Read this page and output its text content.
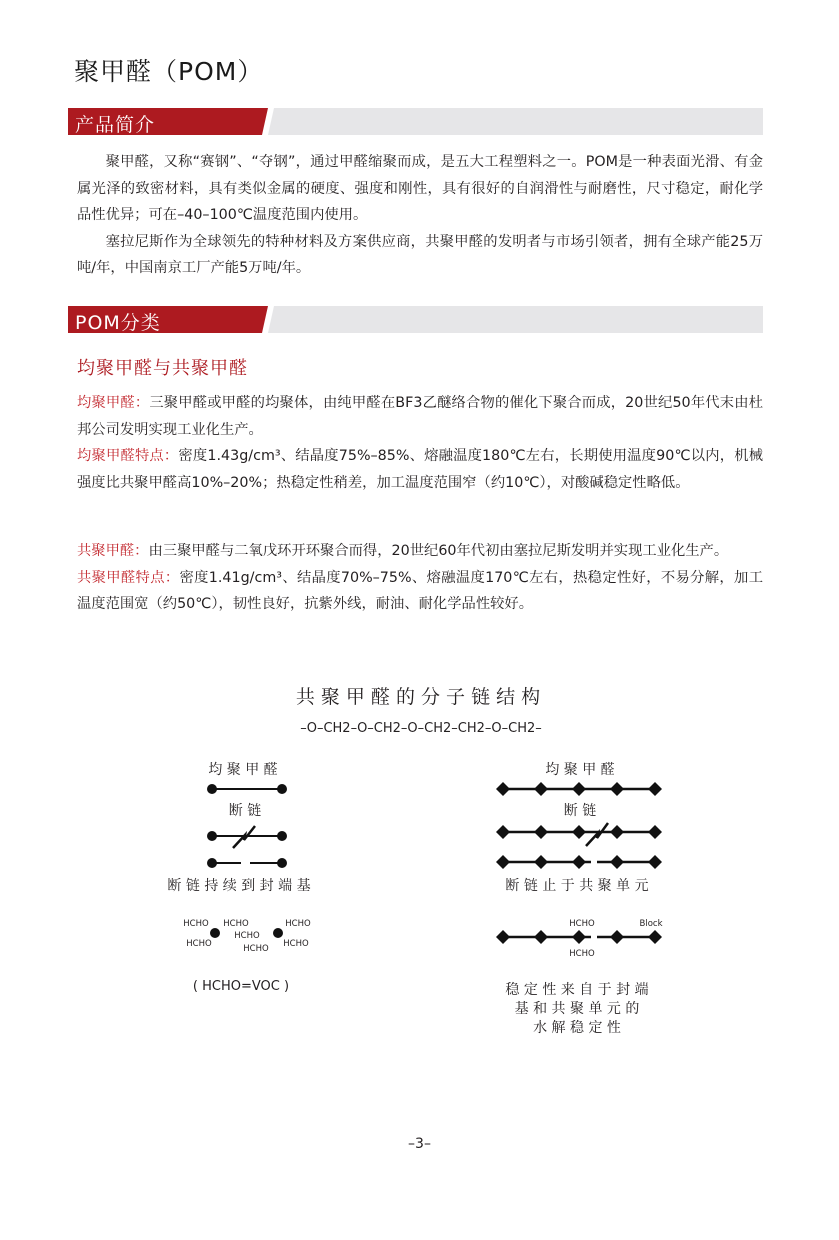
聚甲醛（POM）
产品简介

聚甲醛，又称“赛钢”、“夺钢”，通过甲醛缩聚而成，是五大工程塑料之一。POM是一种表面光滑、有金属光泽的致密材料，具有类似金属的硬度、强度和刚性，具有很好的自润滑性与耐磨性，尺寸稳定，耐化学品性优异；可在–40–100℃温度范围内使用。

塞拉尼斯作为全球领先的特种材料及方案供应商，共聚甲醛的发明者与市场引领者，拥有全球产能25万吨/年，中国南京工厂产能5万吨/年。

POM分类
均聚甲醛与共聚甲醛

均聚甲醛：三聚甲醛或甲醛的均聚体，由纯甲醛在BF3乙醚络合物的催化下聚合而成，20世纪50年代末由杜邦公司发明实现工业化生产。

均聚甲醛特点：密度1.43g/cm³、结晶度75%–85%、熔融温度180℃左右，长期使用温度90℃以内，机械强度比共聚甲醛高10%–20%；热稳定性稍差，加工温度范围窄（约10℃），对酸碱稳定性略低。

共聚甲醛：由三聚甲醛与二氧戊环开环聚合而得，20世纪60年代初由塞拉尼斯发明并实现工业化生产。

共聚甲醛特点：密度1.41g/cm³、结晶度70%–75%、熔融温度170℃左右，热稳定性好，不易分解，加工温度范围宽（约50℃），韧性良好，抗紫外线，耐油、耐化学品性较好。

共 聚 甲 醛 的 分 子 链 结 构
–O–CH2–O–CH2–O–CH2–CH2–O–CH2–
均 聚 甲 醛
断 链
断 链 持 续 到 封 端 基
HCHO
HCHO
HCHO
HCHO
HCHO
HCHO
HCHO
( HCHO=VOC )
均 聚 甲 醛
断 链
断 链 止 于 共 聚 单 元
HCHO
HCHO
Block
稳 定 性 来 自 于 封 端
基 和 共 聚 单 元 的
水 解 稳 定 性
–3–
